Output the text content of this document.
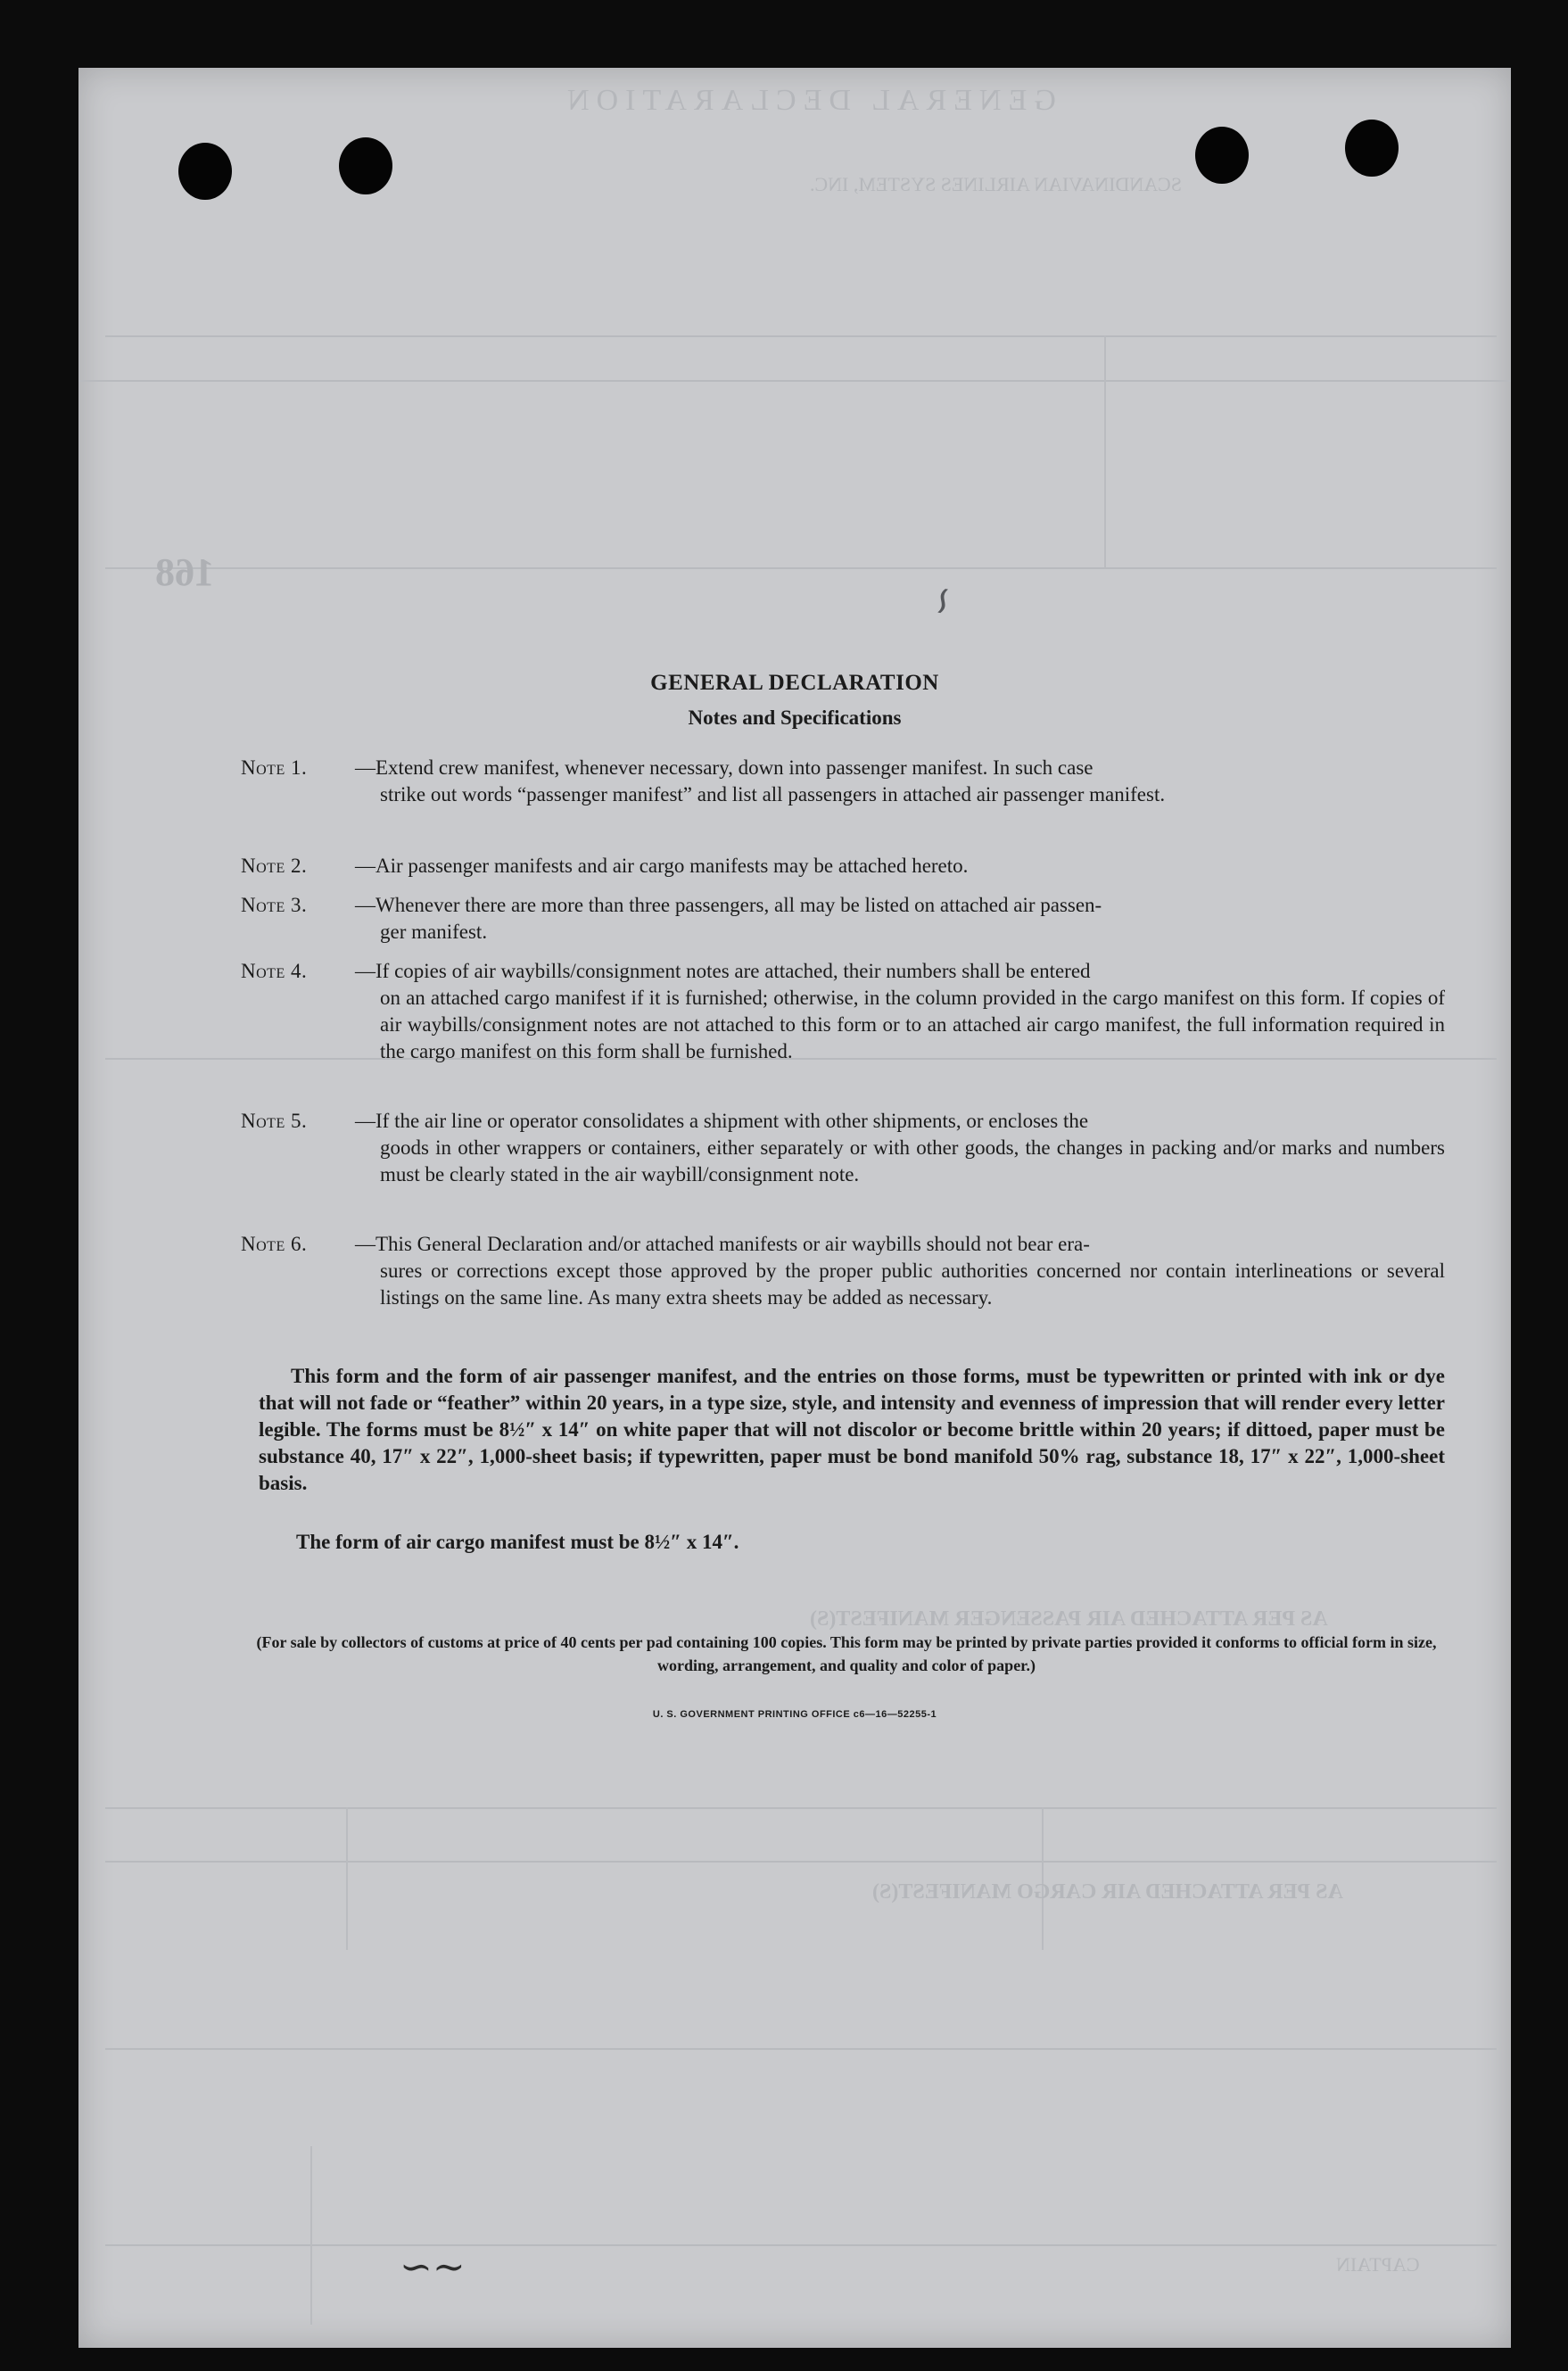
GENERAL DECLARATION
SCANDINAVIAN AIRLINES SYSTEM, INC.
168
AS PER ATTACHED AIR PASSENGER MANIFEST(S)
AS PER ATTACHED AIR CARGO MANIFEST(S)
CAPTAIN
∽
∽∼
GENERAL DECLARATION
Notes and Specifications
Note 1. —Extend crew manifest, whenever necessary, down into passenger manifest. In such case
strike out words “passenger manifest” and list all passengers in attached air passenger manifest.
Note 2. —Air passenger manifests and air cargo manifests may be attached hereto.
Note 3. —Whenever there are more than three passengers, all may be listed on attached air passen-
ger manifest.
Note 4. —If copies of air waybills/consignment notes are attached, their numbers shall be entered
on an attached cargo manifest if it is furnished; otherwise, in the column provided in the cargo manifest on this form. If copies of air waybills/consignment notes are not attached to this form or to an attached air cargo manifest, the full information required in the cargo manifest on this form shall be furnished.
Note 5. —If the air line or operator consolidates a shipment with other shipments, or encloses the
goods in other wrappers or containers, either separately or with other goods, the changes in packing and/or marks and numbers must be clearly stated in the air waybill/consignment note.
Note 6. —This General Declaration and/or attached manifests or air waybills should not bear era-
sures or corrections except those approved by the proper public authorities concerned nor contain interlineations or several listings on the same line. As many extra sheets may be added as necessary.
This form and the form of air passenger manifest, and the entries on those forms, must be typewritten or printed with ink or dye that will not fade or “feather” within 20 years, in a type size, style, and intensity and evenness of impression that will render every letter legible. The forms must be 8½″ x 14″ on white paper that will not discolor or become brittle within 20 years; if dittoed, paper must be substance 40, 17″ x 22″, 1,000-sheet basis; if typewritten, paper must be bond manifold 50% rag, substance 18, 17″ x 22″, 1,000-sheet basis.
The form of air cargo manifest must be 8½″ x 14″.
(For sale by collectors of customs at price of 40 cents per pad containing 100 copies. This form may be printed by private parties provided it conforms to official form in size, wording, arrangement, and quality and color of paper.)
U. S. GOVERNMENT PRINTING OFFICE c6—16—52255-1
